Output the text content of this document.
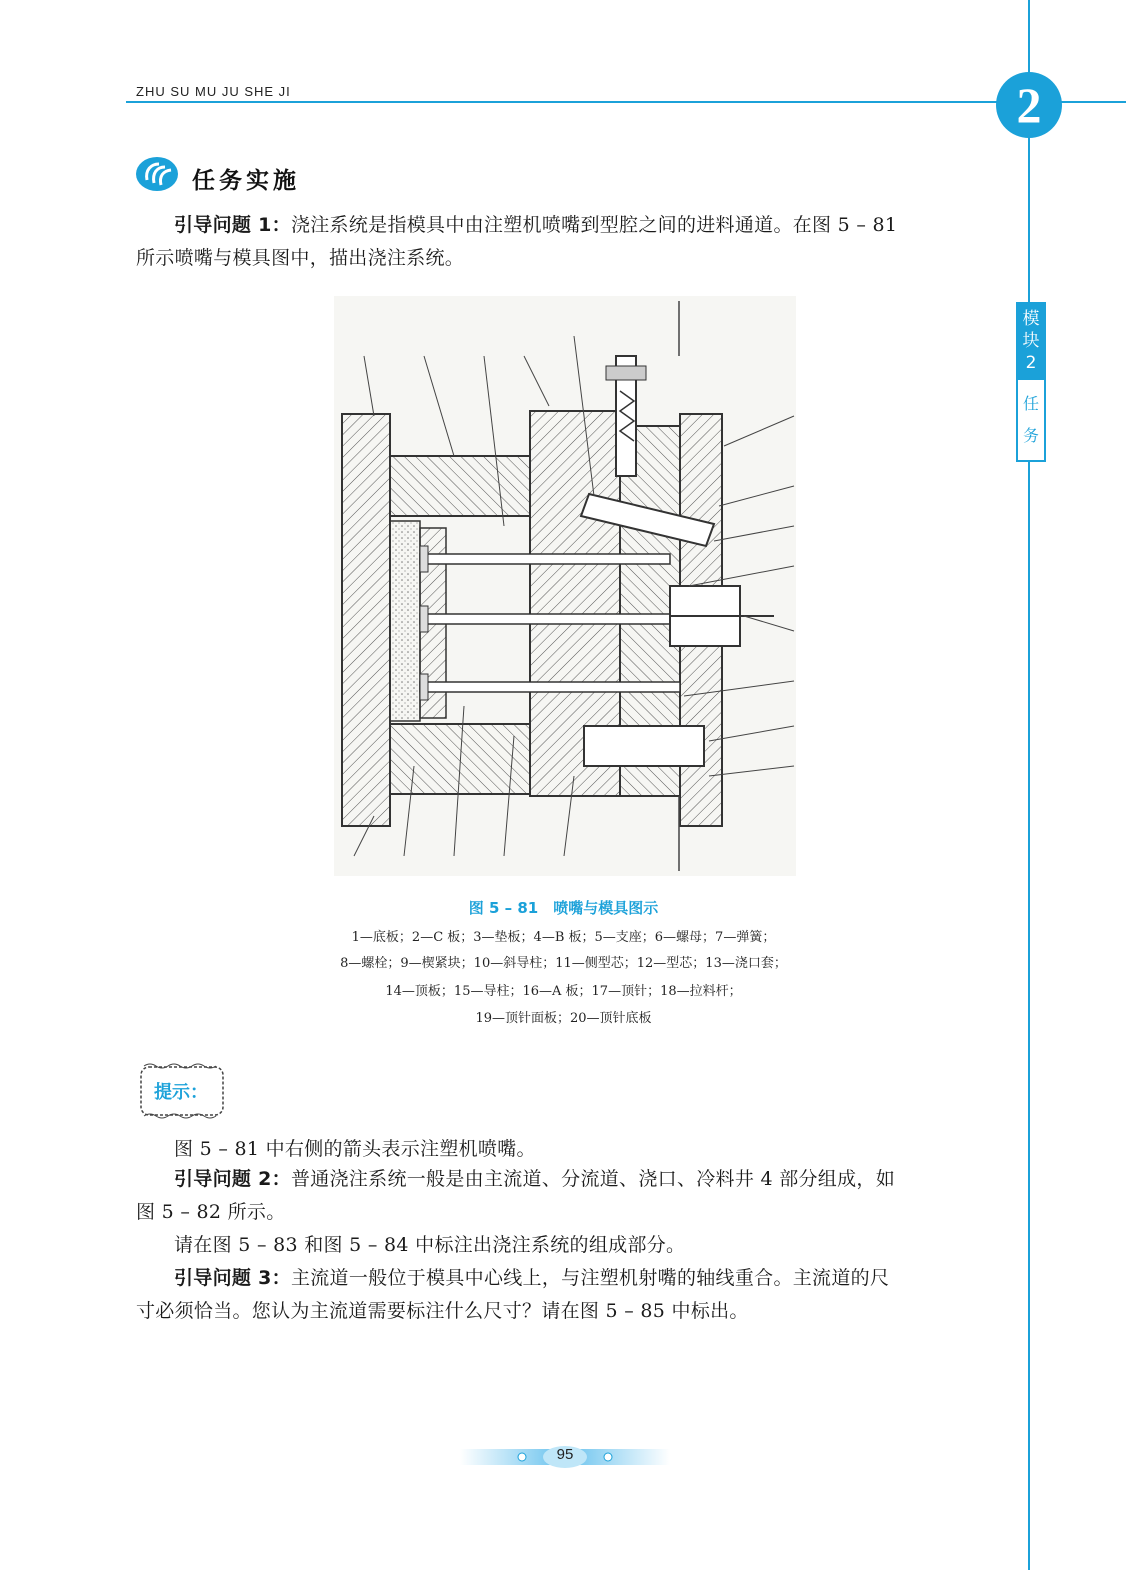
ZHU SU MU JU SHE JI	2
模
块
2
任
务
任务实施
引导问题 1：浇注系统是指模具中由注塑机喷嘴到型腔之间的进料通道。在图 5 – 81
所示喷嘴与模具图中，描出浇注系统。
图 5 – 81　喷嘴与模具图示
1—底板；2—C 板；3—垫板；4—B 板；5—支座；6—螺母；7—弹簧；
8—螺栓；9—楔紧块；10—斜导柱；11—侧型芯；12—型芯；13—浇口套；
14—顶板；15—导柱；16—A 板；17—顶针；18—拉料杆；
19—顶针面板；20—顶针底板
提示：
图 5 – 81 中右侧的箭头表示注塑机喷嘴。
引导问题 2：普通浇注系统一般是由主流道、分流道、浇口、冷料井 4 部分组成，如
图 5 – 82 所示。
请在图 5 – 83 和图 5 – 84 中标注出浇注系统的组成部分。
引导问题 3：主流道一般位于模具中心线上，与注塑机射嘴的轴线重合。主流道的尺
寸必须恰当。您认为主流道需要标注什么尺寸？请在图 5 – 85 中标出。
95
